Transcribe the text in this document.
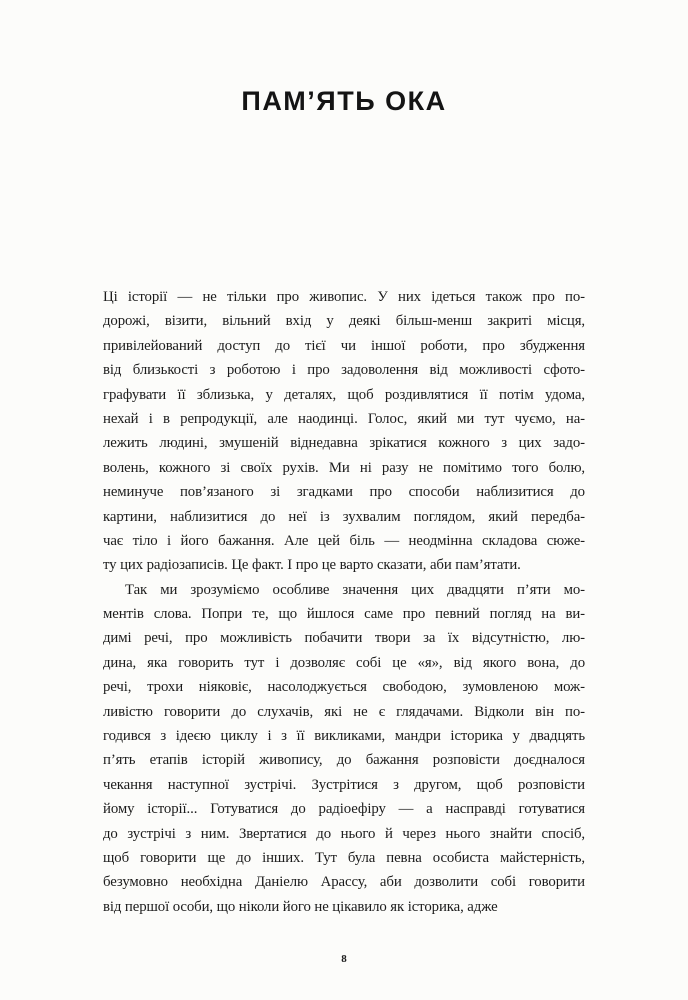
ПАМ’ЯТЬ ОКА
Ці історії — не тільки про живопис. У них ідеться також про по-
дорожі, візити, вільний вхід у деякі більш-менш закриті місця,
привілейований доступ до тієї чи іншої роботи, про збудження
від близькості з роботою і про задоволення від можливості сфото-
графувати її зблизька, у деталях, щоб роздивлятися її потім удома,
нехай і в репродукції, але наодинці. Голос, який ми тут чуємо, на-
лежить людині, змушеній віднедавна зрікатися кожного з цих задо-
волень, кожного зі своїх рухів. Ми ні разу не помітимо того болю,
неминуче пов’язаного зі згадками про способи наблизитися до
картини, наблизитися до неї із зухвалим поглядом, який передба-
чає тіло і його бажання. Але цей біль — неодмінна складова сюже-
ту цих радіозаписів. Це факт. І про це варто сказати, аби пам’ятати.
Так ми зрозуміємо особливе значення цих двадцяти п’яти мо-
ментів слова. Попри те, що йшлося саме про певний погляд на ви-
димі речі, про можливість побачити твори за їх відсутністю, лю-
дина, яка говорить тут і дозволяє собі це «я», від якого вона, до
речі, трохи ніяковіє, насолоджується свободою, зумовленою мож-
ливістю говорити до слухачів, які не є глядачами. Відколи він по-
годився з ідеєю циклу і з її викликами, мандри історика у двадцять
п’ять етапів історій живопису, до бажання розповісти доєдналося
чекання наступної зустрічі. Зустрітися з другом, щоб розповісти
йому історії... Готуватися до радіоефіру — а насправді готуватися
до зустрічі з ним. Звертатися до нього й через нього знайти спосіб,
щоб говорити ще до інших. Тут була певна особиста майстерність,
безумовно необхідна Даніелю Арассу, аби дозволити собі говорити
від першої особи, що ніколи його не цікавило як історика, адже
8
